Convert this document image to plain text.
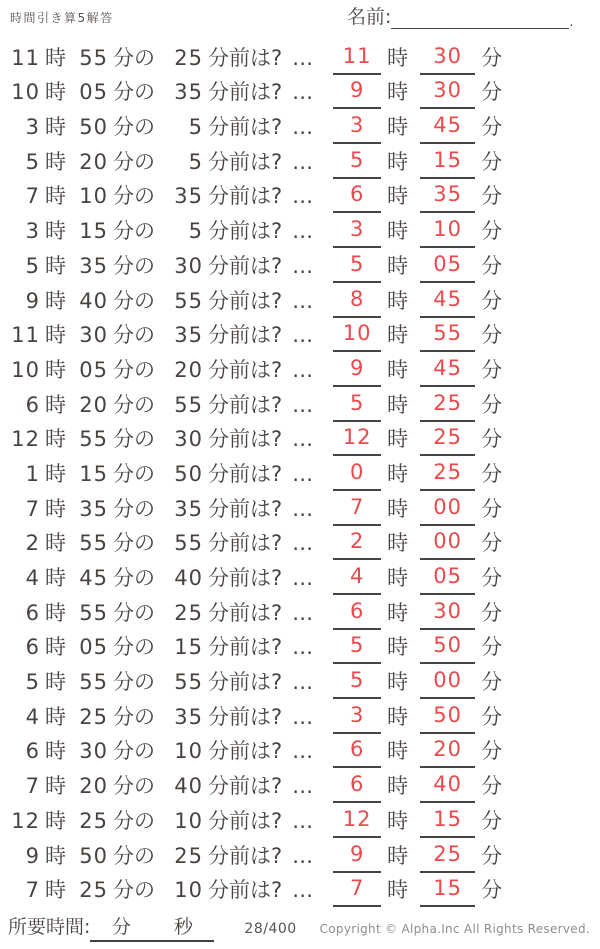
時間引き算5解答	名前:	.
11 時 55 分の 25 分前は? …	11 時	30 分
10 時 05 分の 35 分前は? …	9	時	30 分
3 時 50 分の	5 分前は? …	3	時	45 分
5 時 20 分の	5 分前は? …	5	時	15 分
7 時 10 分の 35 分前は? …	6	時	35 分
3 時 15 分の	5 分前は? …	3	時	10 分
5 時 35 分の 30 分前は? …	5	時	05 分
9 時 40 分の 55 分前は? …	8	時	45 分
11 時 30 分の 35 分前は? …	10 時	55 分
10 時 05 分の 20 分前は? …	9	時	45 分
6 時 20 分の 55 分前は? …	5	時	25 分
12 時 55 分の 30 分前は? …	12 時	25 分
1 時 15 分の 50 分前は? …	0	時	25 分
7 時 35 分の 35 分前は? …	7	時	00 分
2 時 55 分の 55 分前は? …	2	時	00 分
4 時 45 分の 40 分前は? …	4	時	05 分
6 時 55 分の 25 分前は? …	6	時	30 分
6 時 05 分の 15 分前は? …	5	時	50 分
5 時 55 分の 55 分前は? …	5	時	00 分
4 時 25 分の 35 分前は? …	3	時	50 分
6 時 30 分の 10 分前は? …	6	時	20 分
7 時 20 分の 40 分前は? …	6	時	40 分
12 時 25 分の 10 分前は? …	12 時	15 分
9 時 50 分の 25 分前は? …	9	時	25 分
7 時 25 分の 10 分前は? …	7	時	15 分
所要時間: 分 秒	28/400 Copyright © Alpha.Inc All Rights Reserved.
